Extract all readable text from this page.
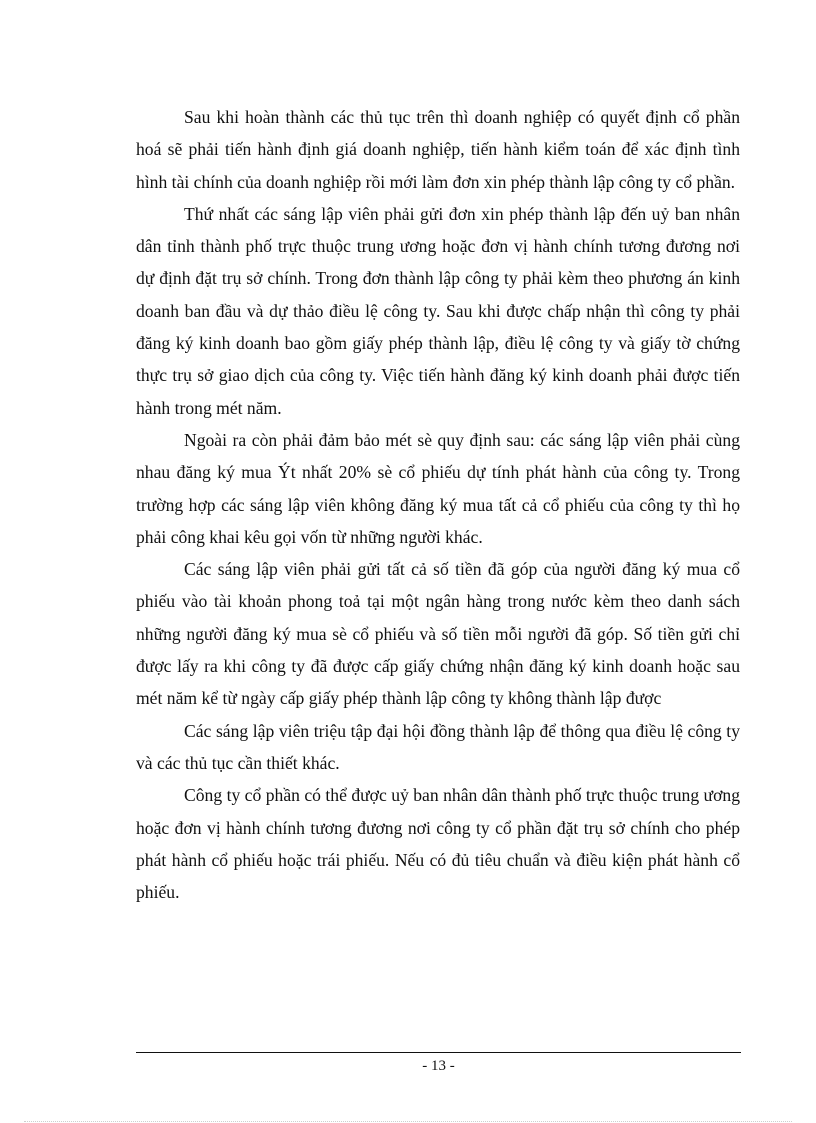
Sau khi hoàn thành các thủ tục trên thì doanh nghiệp có quyết định cổ phần hoá sẽ phải tiến hành định giá doanh nghiệp, tiến hành kiểm toán để xác định tình hình tài chính của doanh nghiệp rồi mới làm đơn xin phép thành lập công ty cổ phần.

Thứ nhất các sáng lập viên phải gửi đơn xin phép thành lập đến uỷ ban nhân dân tỉnh thành phố trực thuộc trung ương hoặc đơn vị hành chính tương đương nơi dự định đặt trụ sở chính. Trong đơn thành lập công ty phải kèm theo phương án kinh doanh ban đầu và dự thảo điều lệ công ty. Sau khi được chấp nhận thì công ty phải đăng ký kinh doanh bao gồm giấy phép thành lập, điều lệ công ty và giấy tờ chứng thực trụ sở giao dịch của công ty. Việc tiến hành đăng ký kinh doanh phải được tiến hành trong mét năm.

Ngoài ra còn phải đảm bảo mét sè quy định sau: các sáng lập viên phải cùng nhau đăng ký mua Ýt nhất 20% sè cổ phiếu dự tính phát hành của công ty. Trong trường hợp các sáng lập viên không đăng ký mua tất cả cổ phiếu của công ty thì họ phải công khai kêu gọi vốn từ những người khác.

Các sáng lập viên phải gửi tất cả số tiền đã góp của người đăng ký mua cổ phiếu vào tài khoản phong toả tại một ngân hàng trong nước kèm theo danh sách những người đăng ký mua sè cổ phiếu và số tiền mỗi người đã góp. Số tiền gửi chỉ được lấy ra khi công ty đã được cấp giấy chứng nhận đăng ký kinh doanh hoặc sau mét năm kể từ ngày cấp giấy phép thành lập công ty không thành lập được

Các sáng lập viên triệu tập đại hội đồng thành lập để thông qua điều lệ công ty và các thủ tục cần thiết khác.

Công ty cổ phần có thể được uỷ ban nhân dân thành phố trực thuộc trung ương hoặc đơn vị hành chính tương đương nơi công ty cổ phần đặt trụ sở chính cho phép phát hành cổ phiếu hoặc trái phiếu. Nếu có đủ tiêu chuẩn và điều kiện phát hành cổ phiếu.

- 13 -
